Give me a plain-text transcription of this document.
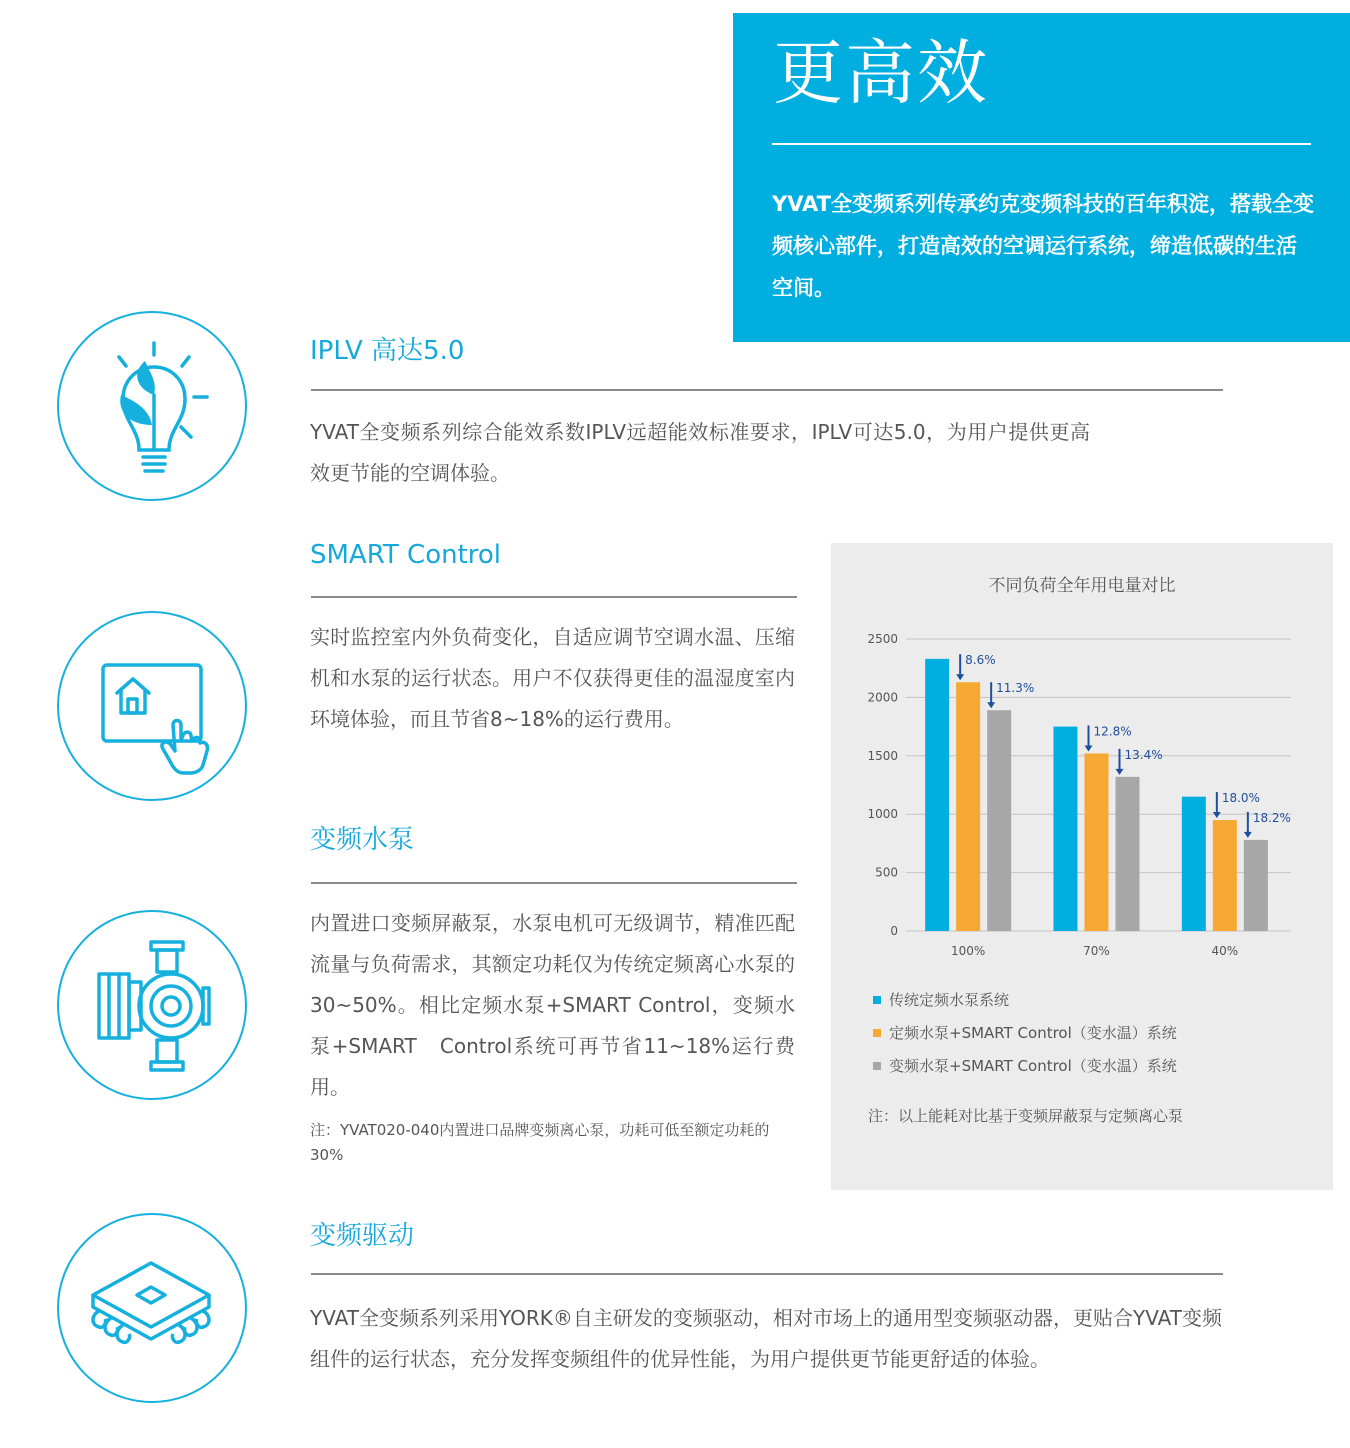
更高效

YVAT全变频系列传承约克变频科技的百年积淀，搭载全变频核心部件，打造高效的空调运行系统，缔造低碳的生活空间。

IPLV 高达5.0

YVAT全变频系列综合能效系数IPLV远超能效标准要求，IPLV可达5.0，为用户提供更高效更节能的空调体验。

SMART Control

实时监控室内外负荷变化，自适应调节空调水温、压缩机和水泵的运行状态。用户不仅获得更佳的温湿度室内环境体验，而且节省8~18%的运行费用。

变频水泵

内置进口变频屏蔽泵，水泵电机可无级调节，精准匹配流量与负荷需求，其额定功耗仅为传统定频离心水泵的30~50%。相比定频水泵+SMART Control，变频水泵+SMART　Control系统可再节省11~18%运行费用。

注：YVAT020-040内置进口品牌变频离心泵，功耗可低至额定功耗的30%

变频驱动

YVAT全变频系列采用YORK®自主研发的变频驱动，相对市场上的通用型变频驱动器，更贴合YVAT变频组件的运行状态，充分发挥变频组件的优异性能，为用户提供更节能更舒适的体验。

不同负荷全年用电量对比
0
500
1000
1500
2000
2500
8.6%
11.3%
100%
12.8%
13.4%
70%
18.0%
18.2%
40%
传统定频水泵系统
定频水泵+SMART Control（变水温）系统
变频水泵+SMART Control（变水温）系统
注：以上能耗对比基于变频屏蔽泵与定频离心泵
